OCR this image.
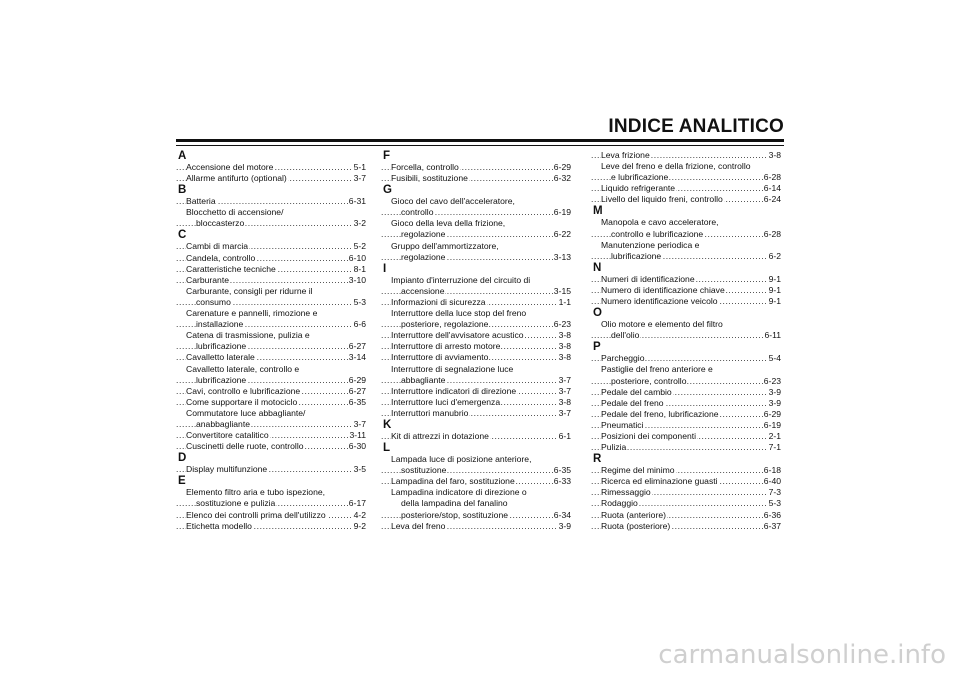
INDICE ANALITICO
A
..... Accensione del motore	5-1
..... Allarme antifurto (optional)	3-7
B
..... Batteria	6-31
Blocchetto di accensione/
..... bloccasterzo	3-2
C
..... Cambi di marcia	5-2
..... Candela, controllo	6-10
..... Caratteristiche tecniche	8-1
..... Carburante	3-10
Carburante, consigli per ridurne il
..... consumo	5-3
Carenature e pannelli, rimozione e
..... installazione	6-6
Catena di trasmissione, pulizia e
..... lubrificazione	6-27
..... Cavalletto laterale	3-14
Cavalletto laterale, controllo e
..... lubrificazione	6-29
..... Cavi, controllo e lubrificazione	6-27
..... Come supportare il motociclo	6-35
Commutatore luce abbagliante/
..... anabbagliante	3-7
..... Convertitore catalitico	3-11
..... Cuscinetti delle ruote, controllo	6-30
D
..... Display multifunzione	3-5
E
Elemento filtro aria e tubo ispezione,
..... sostituzione e pulizia	6-17
..... Elenco dei controlli prima dell'utilizzo	4-2
..... Etichetta modello	9-2
F
..... Forcella, controllo	6-29
..... Fusibili, sostituzione	6-32
G
Gioco del cavo dell'acceleratore,
..... controllo	6-19
Gioco della leva della frizione,
..... regolazione	6-22
Gruppo dell'ammortizzatore,
..... regolazione	3-13
I
Impianto d'interruzione del circuito di
..... accensione	3-15
..... Informazioni di sicurezza	1-1
Interruttore della luce stop del freno
..... posteriore, regolazione	6-23
..... Interruttore dell'avvisatore acustico	3-8
..... Interruttore di arresto motore	3-8
..... Interruttore di avviamento	3-8
Interruttore di segnalazione luce
..... abbagliante	3-7
..... Interruttore indicatori di direzione	3-7
..... Interruttore luci d'emergenza	3-8
..... Interruttori manubrio	3-7
K
..... Kit di attrezzi in dotazione	6-1
L
Lampada luce di posizione anteriore,
..... sostituzione	6-35
..... Lampadina del faro, sostituzione	6-33
Lampadina indicatore di direzione o
della lampadina del fanalino
..... posteriore/stop, sostituzione	6-34
..... Leva del freno	3-9
..... Leva frizione	3-8
Leve del freno e della frizione, controllo
..... e lubrificazione	6-28
..... Liquido refrigerante	6-14
..... Livello del liquido freni, controllo	6-24
M
Manopola e cavo acceleratore,
..... controllo e lubrificazione	6-28
Manutenzione periodica e
..... lubrificazione	6-2
N
..... Numeri di identificazione	9-1
..... Numero di identificazione chiave	9-1
..... Numero identificazione veicolo	9-1
O
Olio motore e elemento del filtro
..... dell'olio	6-11
P
..... Parcheggio	5-4
Pastiglie del freno anteriore e
..... posteriore, controllo	6-23
..... Pedale del cambio	3-9
..... Pedale del freno	3-9
..... Pedale del freno, lubrificazione	6-29
..... Pneumatici	6-19
..... Posizioni dei componenti	2-1
..... Pulizia	7-1
R
..... Regime del minimo	6-18
..... Ricerca ed eliminazione guasti	6-40
..... Rimessaggio	7-3
..... Rodaggio	5-3
..... Ruota (anteriore)	6-36
..... Ruota (posteriore)	6-37
carmanualsonline.info
